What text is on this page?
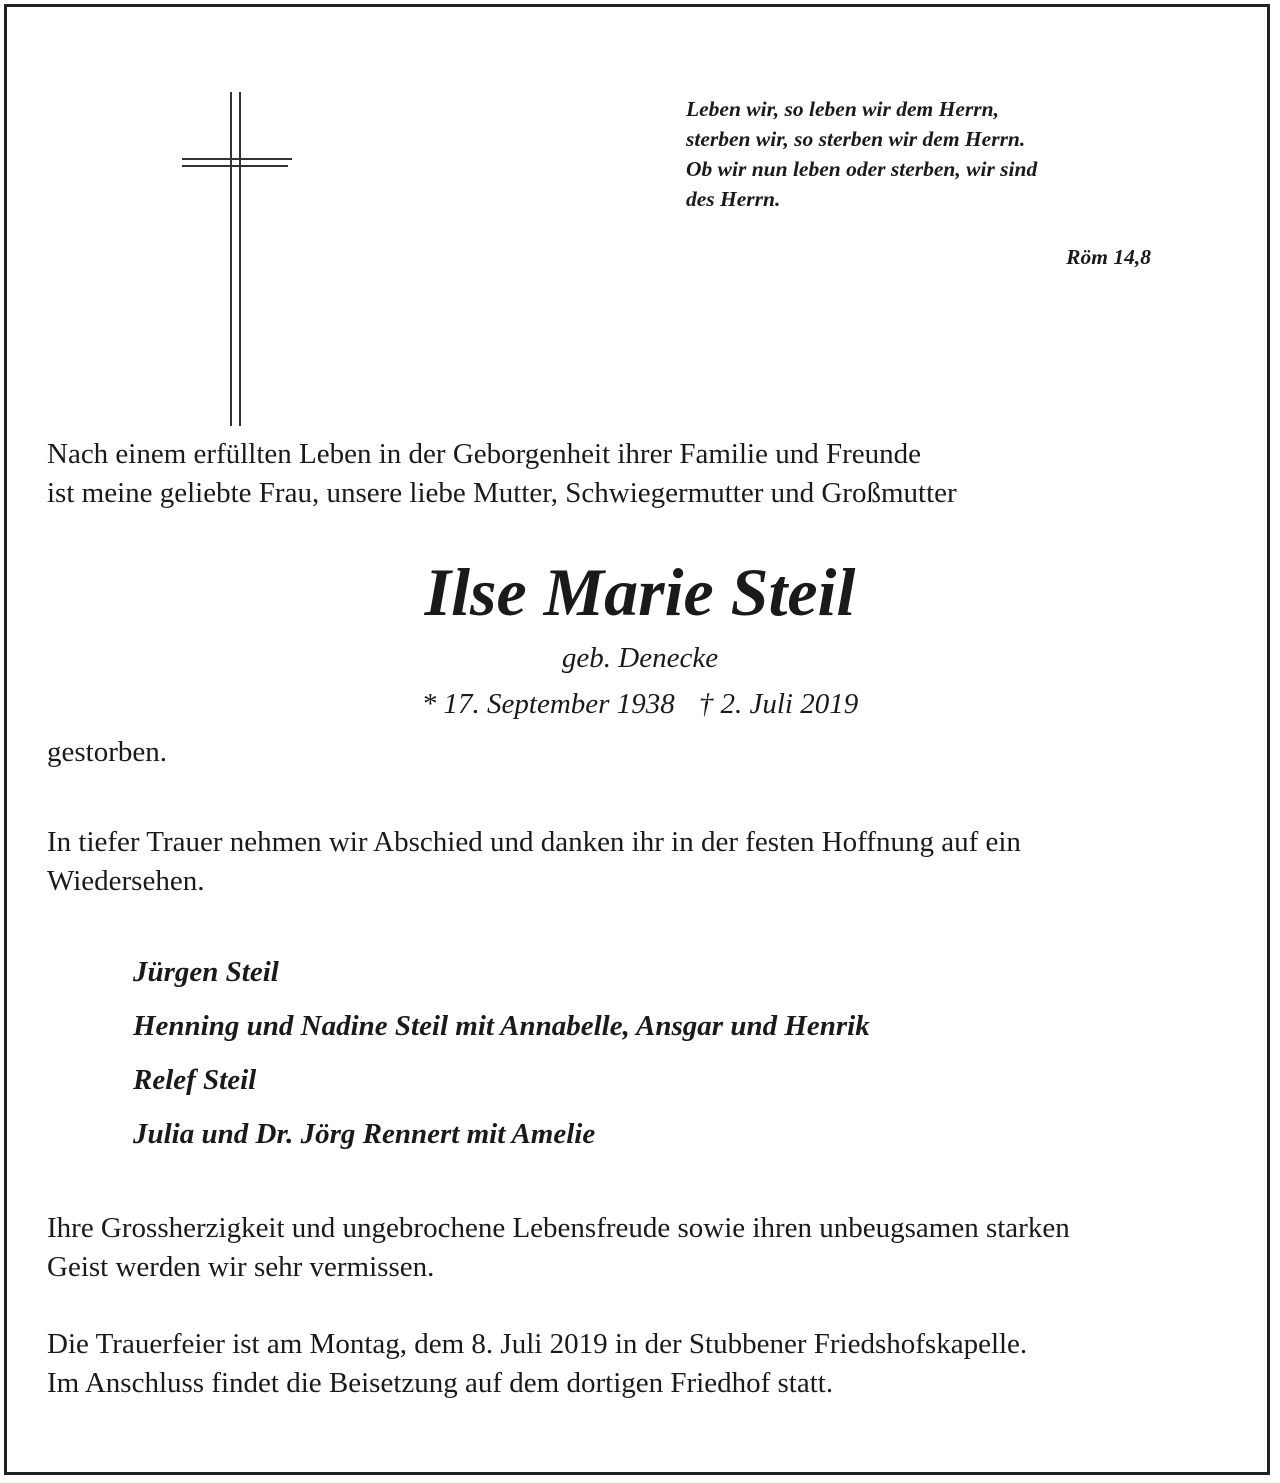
Leben wir, so leben wir dem Herrn,
sterben wir, so sterben wir dem Herrn.
Ob wir nun leben oder sterben, wir sind
des Herrn.
Röm 14,8
Nach einem erfüllten Leben in der Geborgenheit ihrer Familie und Freunde
ist meine geliebte Frau, unsere liebe Mutter, Schwiegermutter und Großmutter
Ilse Marie Steil
geb. Denecke
* 17. September 1938 † 2. Juli 2019
gestorben.
In tiefer Trauer nehmen wir Abschied und danken ihr in der festen Hoffnung auf ein
Wiedersehen.
Jürgen Steil
Henning und Nadine Steil mit Annabelle, Ansgar und Henrik
Relef Steil
Julia und Dr. Jörg Rennert mit Amelie
Ihre Grossherzigkeit und ungebrochene Lebensfreude sowie ihren unbeugsamen starken
Geist werden wir sehr vermissen.
Die Trauerfeier ist am Montag, dem 8. Juli 2019 in der Stubbener Friedshofskapelle.
Im Anschluss findet die Beisetzung auf dem dortigen Friedhof statt.
